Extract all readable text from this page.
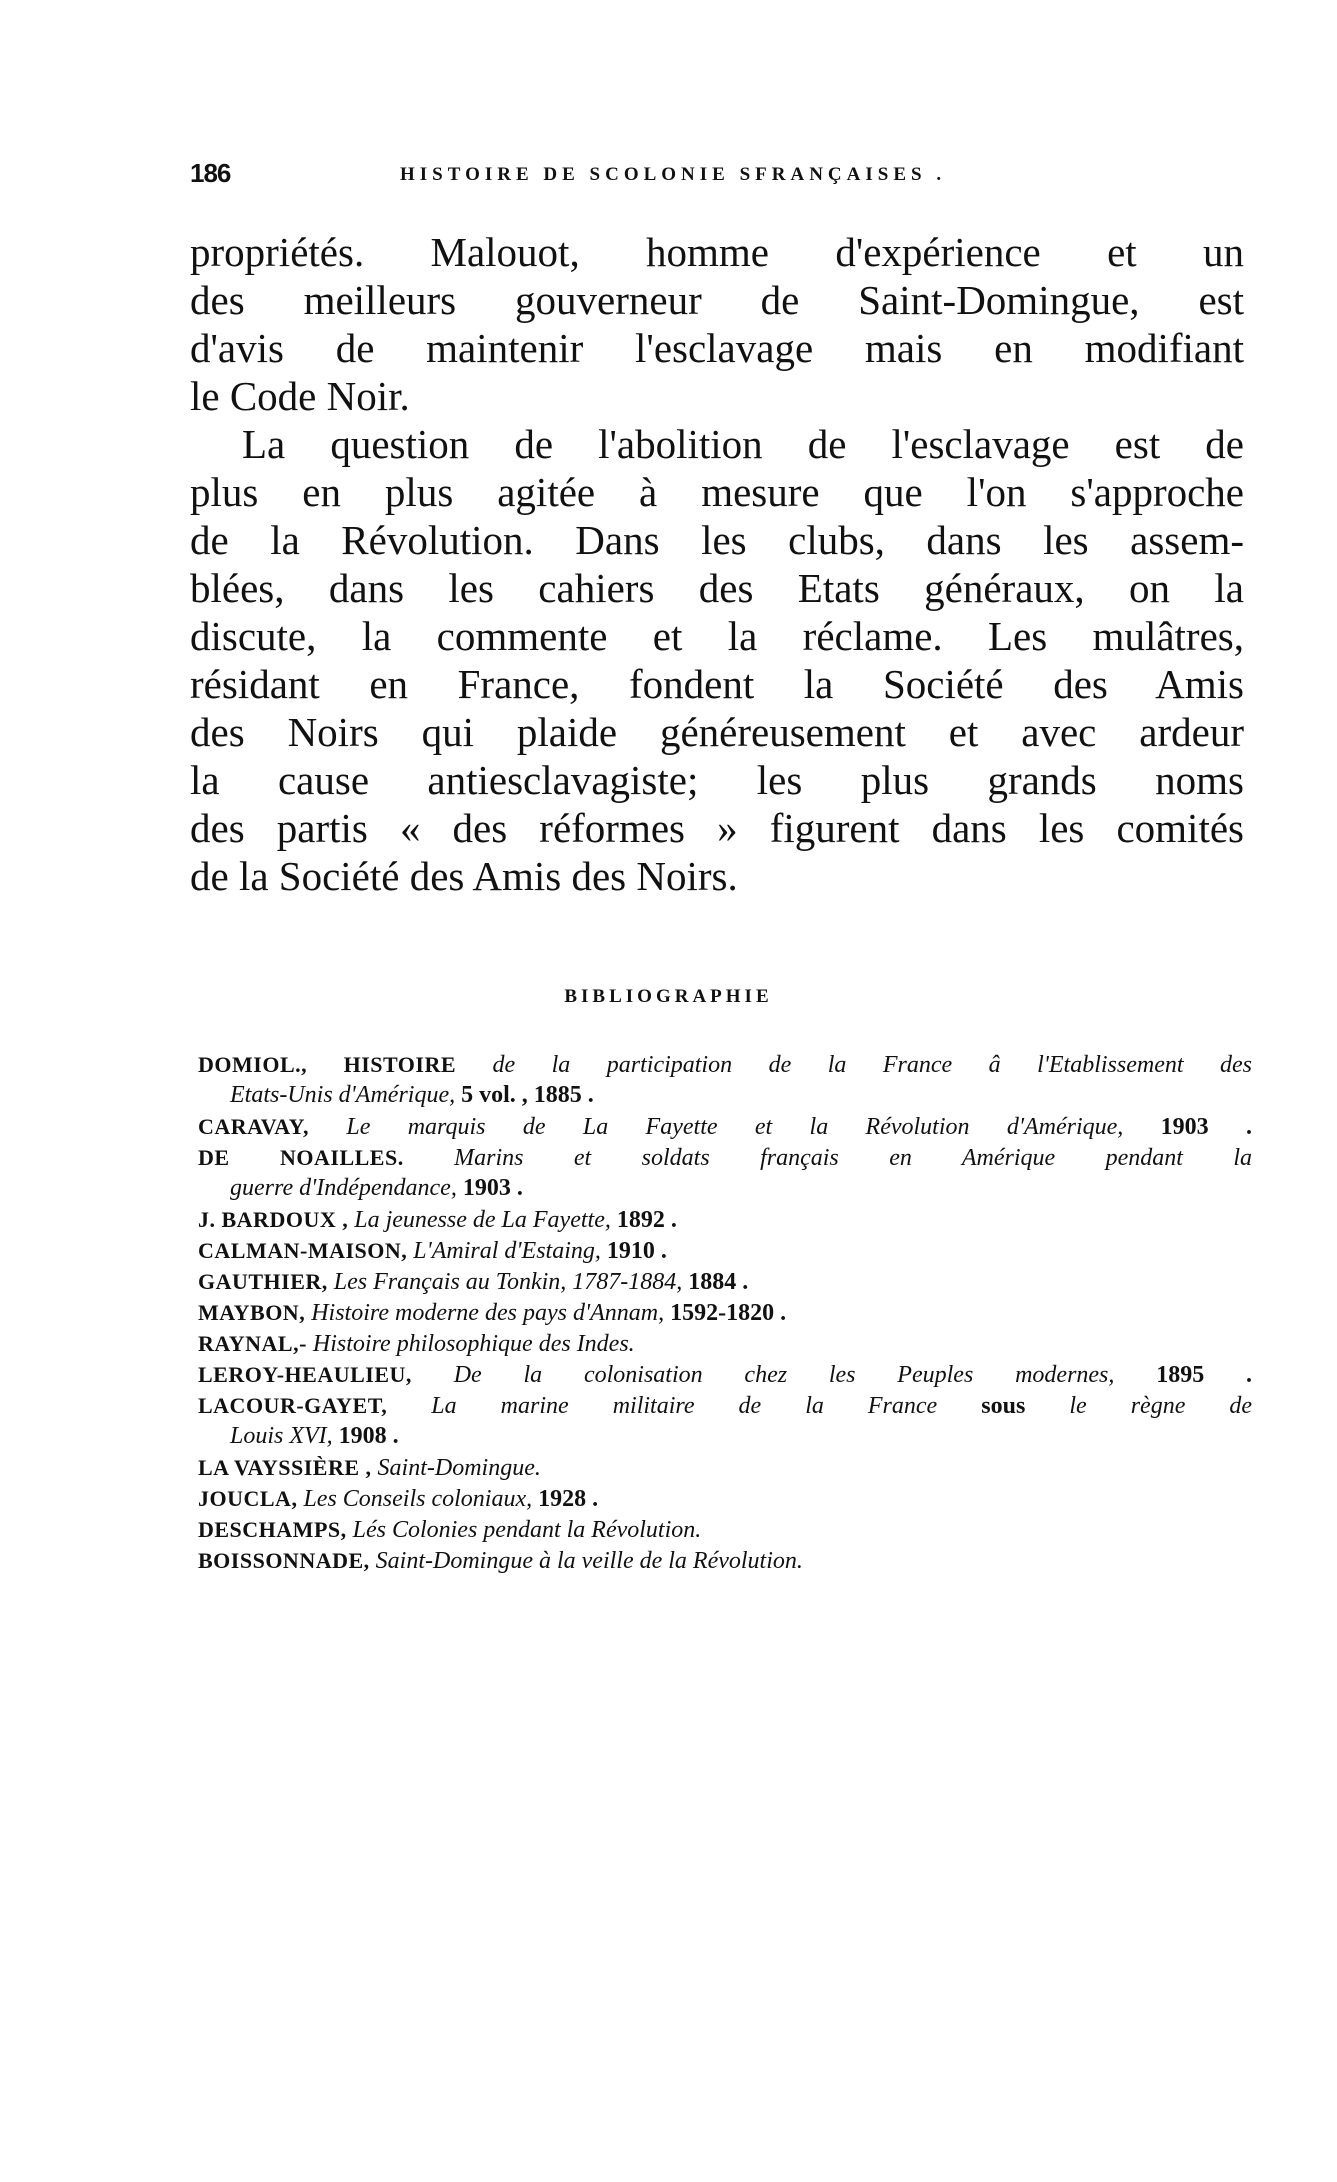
186	HISTOIRE DE SCOLONIE SFRANÇAISES .
propriétés. Malouot, homme d'expérience et un
des meilleurs gouverneur de Saint-Domingue, est
d'avis de maintenir l'esclavage mais en modifiant
le Code Noir.
La question de l'abolition de l'esclavage est de
plus en plus agitée à mesure que l'on s'approche
de la Révolution. Dans les clubs, dans les assem-
blées, dans les cahiers des Etats généraux, on la
discute, la commente et la réclame. Les mulâtres,
résidant en France, fondent la Société des Amis
des Noirs qui plaide généreusement et avec ardeur
la cause antiesclavagiste; les plus grands noms
des partis « des réformes » figurent dans les comités
de la Société des Amis des Noirs.
BIBLIOGRAPHIE
DOMIOL., HISTOIRE de la participation de la France â l'Etablissement des
Etats-Unis d'Amérique, 5 vol. , 1885 .
CARAVAY, Le marquis de La Fayette et la Révolution d'Amérique, 1903 .
DE NOAILLES. Marins et soldats français en Amérique pendant la
guerre d'Indépendance, 1903 .
J. BARDOUX , La jeunesse de La Fayette, 1892 .
CALMAN-MAISON, L'Amiral d'Estaing, 1910 .
GAUTHIER, Les Français au Tonkin, 1787-1884, 1884 .
MAYBON, Histoire moderne des pays d'Annam, 1592-1820 .
RAYNAL,- Histoire philosophique des Indes.
LEROY-HEAULIEU, De la colonisation chez les Peuples modernes, 1895 .
LACOUR-GAYET, La marine militaire de la France sous le règne de
Louis XVI, 1908 .
LA VAYSSIÈRE , Saint-Domingue.
JOUCLA, Les Conseils coloniaux, 1928 .
DESCHAMPS, Lés Colonies pendant la Révolution.
BOISSONNADE, Saint-Domingue à la veille de la Révolution.
